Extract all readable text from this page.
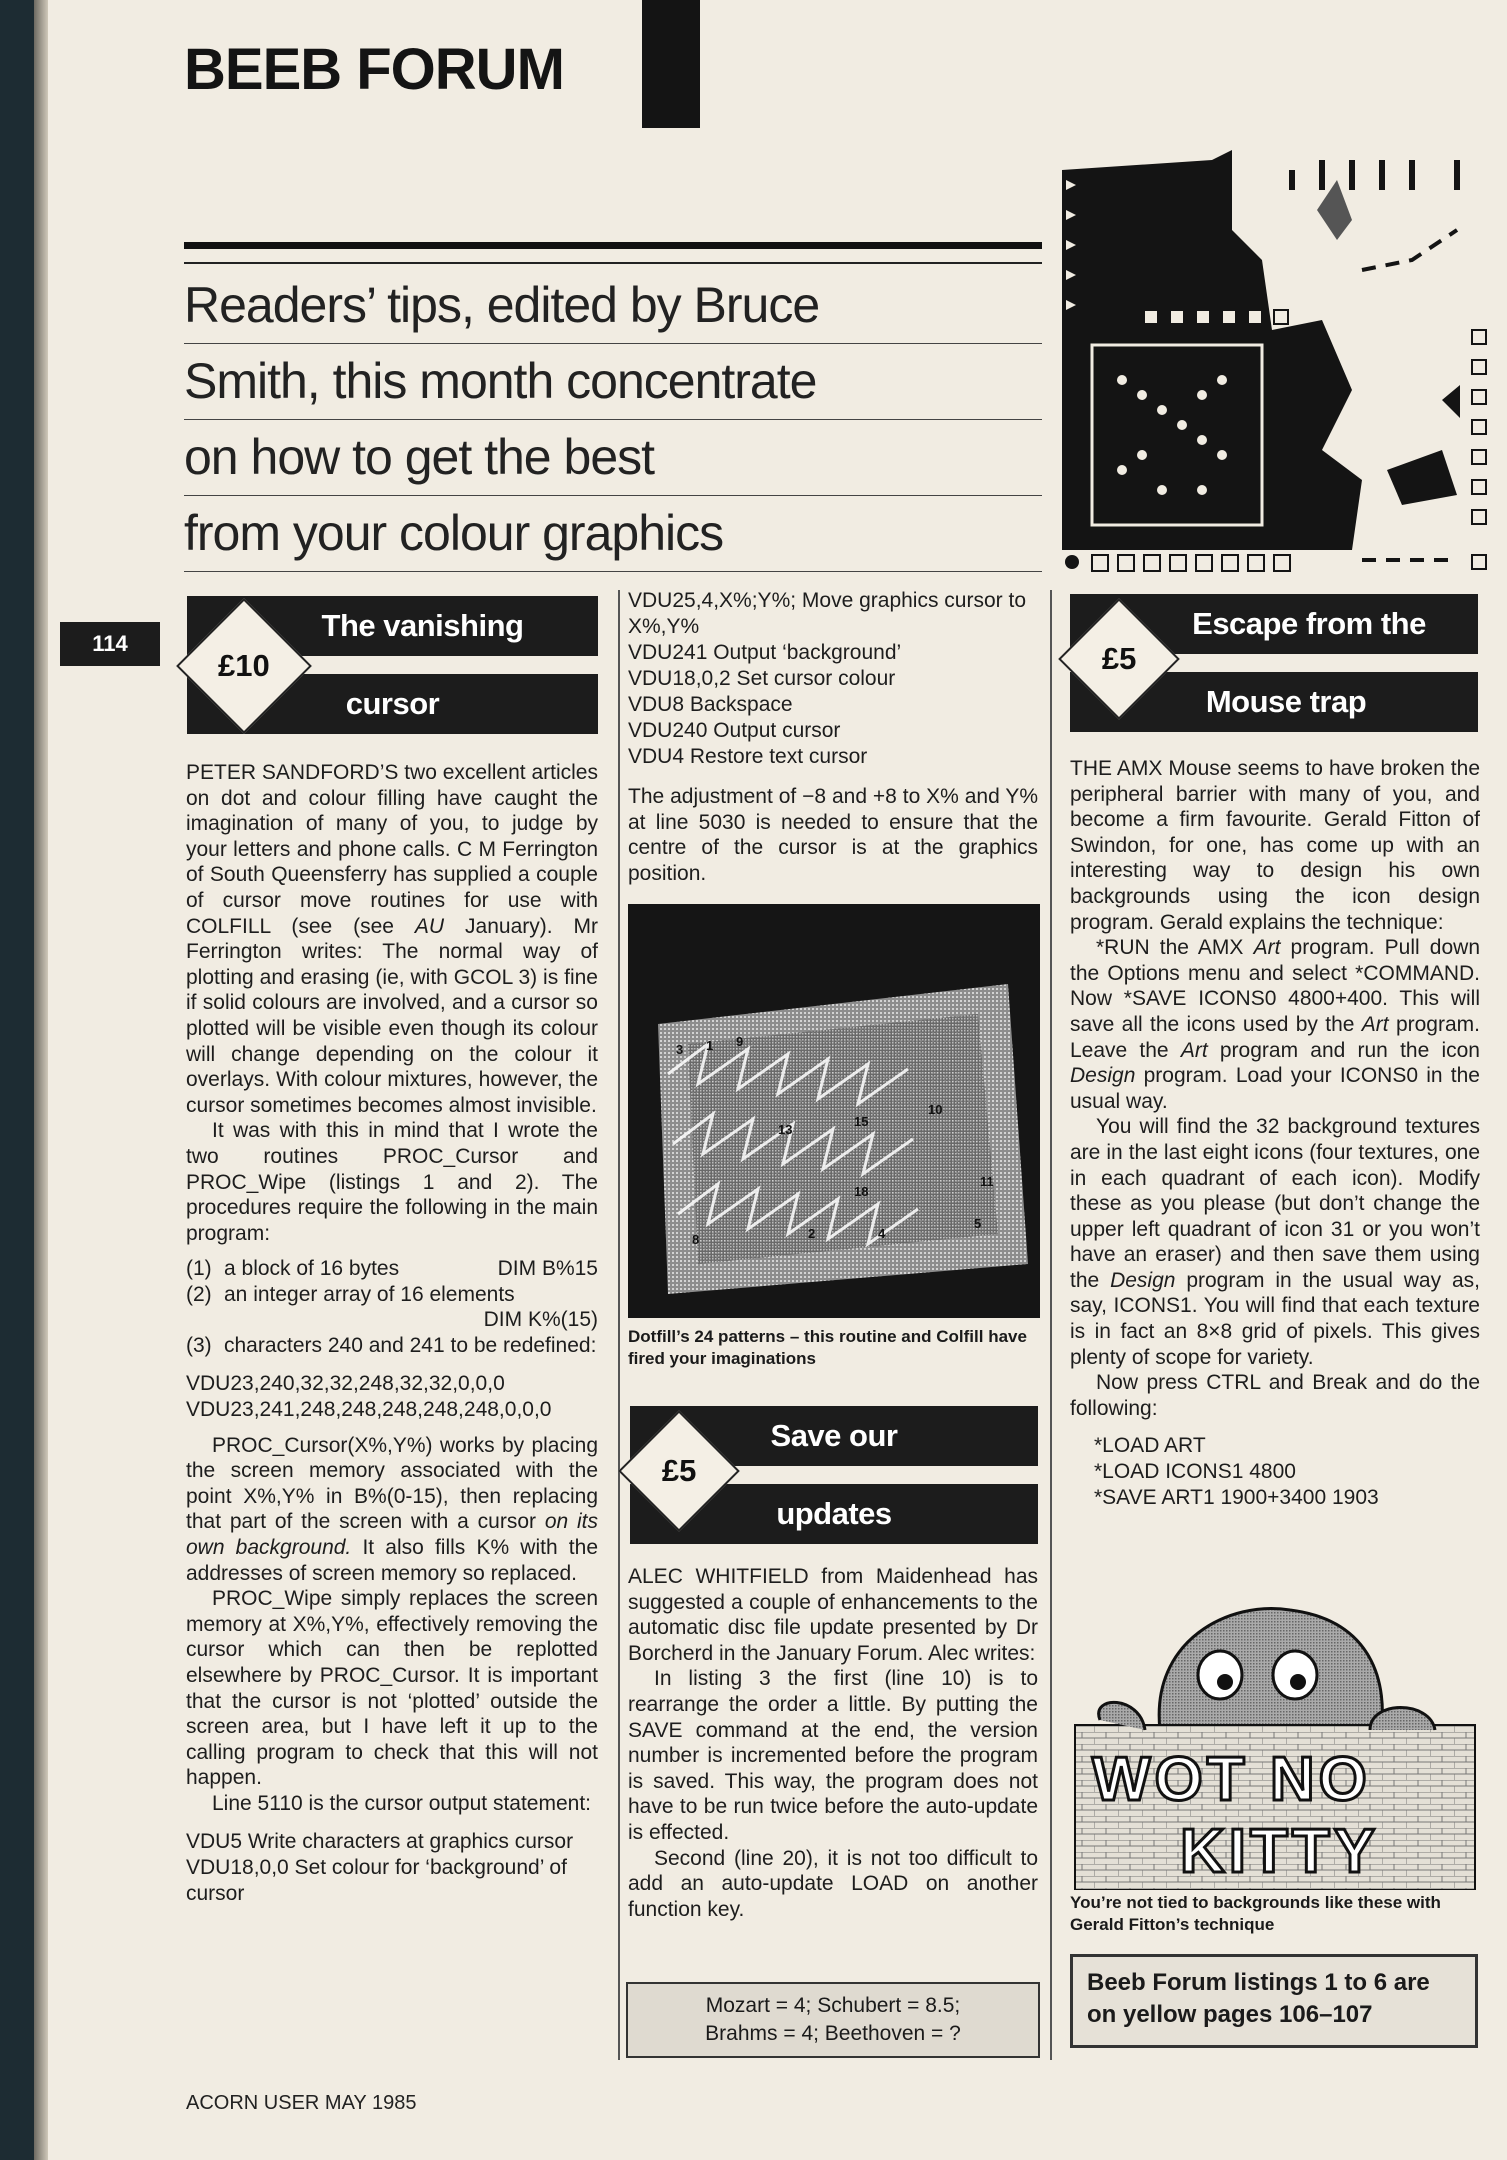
BEEB FORUM
Readers’ tips, edited by Bruce
Smith, this month concentrate
on how to get the best
from your colour graphics
114
The vanishing
cursor
£10

PETER SANDFORD’S two excellent articles on dot and colour filling have caught the imagination of many of you, to judge by your letters and phone calls. C M Ferrington of South Queensferry has supplied a couple of cursor move routines for use with COLFILL (see (see AU January). Mr Ferrington writes: The normal way of plotting and erasing (ie, with GCOL 3) is fine if solid colours are involved, and a cursor so plotted will be visible even though its colour will change depending on the colour it overlays. With colour mixtures, however, the cursor sometimes becomes almost invisible.

It was with this in mind that I wrote the two routines PROC_Cursor and PROC_Wipe (listings 1 and 2). The procedures require the following in the main program:

(1) a block of 16 bytes	DIM B%15
(2) an integer array of 16 elements
DIM K%(15)
(3) characters 240 and 241 to be redefined:
VDU23,240,32,32,248,32,32,0,0,0
VDU23,241,248,248,248,248,248,0,0,0

PROC_Cursor(X%,Y%) works by placing the screen memory associated with the point X%,Y% in B%(0-15), then replacing that part of the screen with a cursor on its own background. It also fills K% with the addresses of screen memory so replaced.

PROC_Wipe simply replaces the screen memory at X%,Y%, effectively removing the cursor which can then be replotted elsewhere by PROC_Cursor. It is important that the cursor is not ‘plotted’ outside the screen area, but I have left it up to the calling program to check that this will not happen.

Line 5110 is the cursor output statement:

VDU5 Write characters at graphics cursor
VDU18,0,0 Set colour for ‘background’ of cursor
VDU25,4,X%;Y%; Move graphics cursor to X%,Y%
VDU241 Output ‘background’
VDU18,0,2 Set cursor colour
VDU8 Backspace
VDU240 Output cursor
VDU4 Restore text cursor

The adjustment of −8 and +8 to X% and Y% at line 5030 is needed to ensure that the centre of the cursor is at the graphics position.

3 1 9
10
13
15
18
11
8	2	4
5
Dotfill’s 24 patterns – this routine and Colfill have fired your imaginations
Save our
updates
£5

ALEC WHITFIELD from Maidenhead has suggested a couple of enhancements to the automatic disc file update presented by Dr Borcherd in the January Forum. Alec writes:

In listing 3 the first (line 10) is to rearrange the order a little. By putting the SAVE command at the end, the version number is incremented before the program is saved. This way, the program does not have to be run twice before the auto-update is effected.

Second (line 20), it is not too difficult to add an auto-update LOAD on another function key.

Mozart = 4; Schubert = 8.5;
Brahms = 4; Beethoven = ?
Escape from the
Mouse trap
£5

THE AMX Mouse seems to have broken the peripheral barrier with many of you, and become a firm favourite. Gerald Fitton of Swindon, for one, has come up with an interesting way to design his own backgrounds using the icon design program. Gerald explains the technique:

*RUN the AMX Art program. Pull down the Options menu and select *COMMAND. Now *SAVE ICONS0 4800+400. This will save all the icons used by the Art program. Leave the Art program and run the icon Design program. Load your ICONS0 in the usual way.

You will find the 32 background textures are in the last eight icons (four textures, one in each quadrant of each icon). Modify these as you please (but don’t change the upper left quadrant of icon 31 or you won’t have an eraser) and then save them using the Design program in the usual way as, say, ICONS1. You will find that each texture is in fact an 8×8 grid of pixels. This gives plenty of scope for variety.

Now press CTRL and Break and do the following:

*LOAD ART
*LOAD ICONS1 4800
*SAVE ART1 1900+3400 1903
WOT NO
KITTY
You’re not tied to backgrounds like these with Gerald Fitton’s technique
Beeb Forum listings 1 to 6 are on yellow pages 106–107
ACORN USER MAY 1985
